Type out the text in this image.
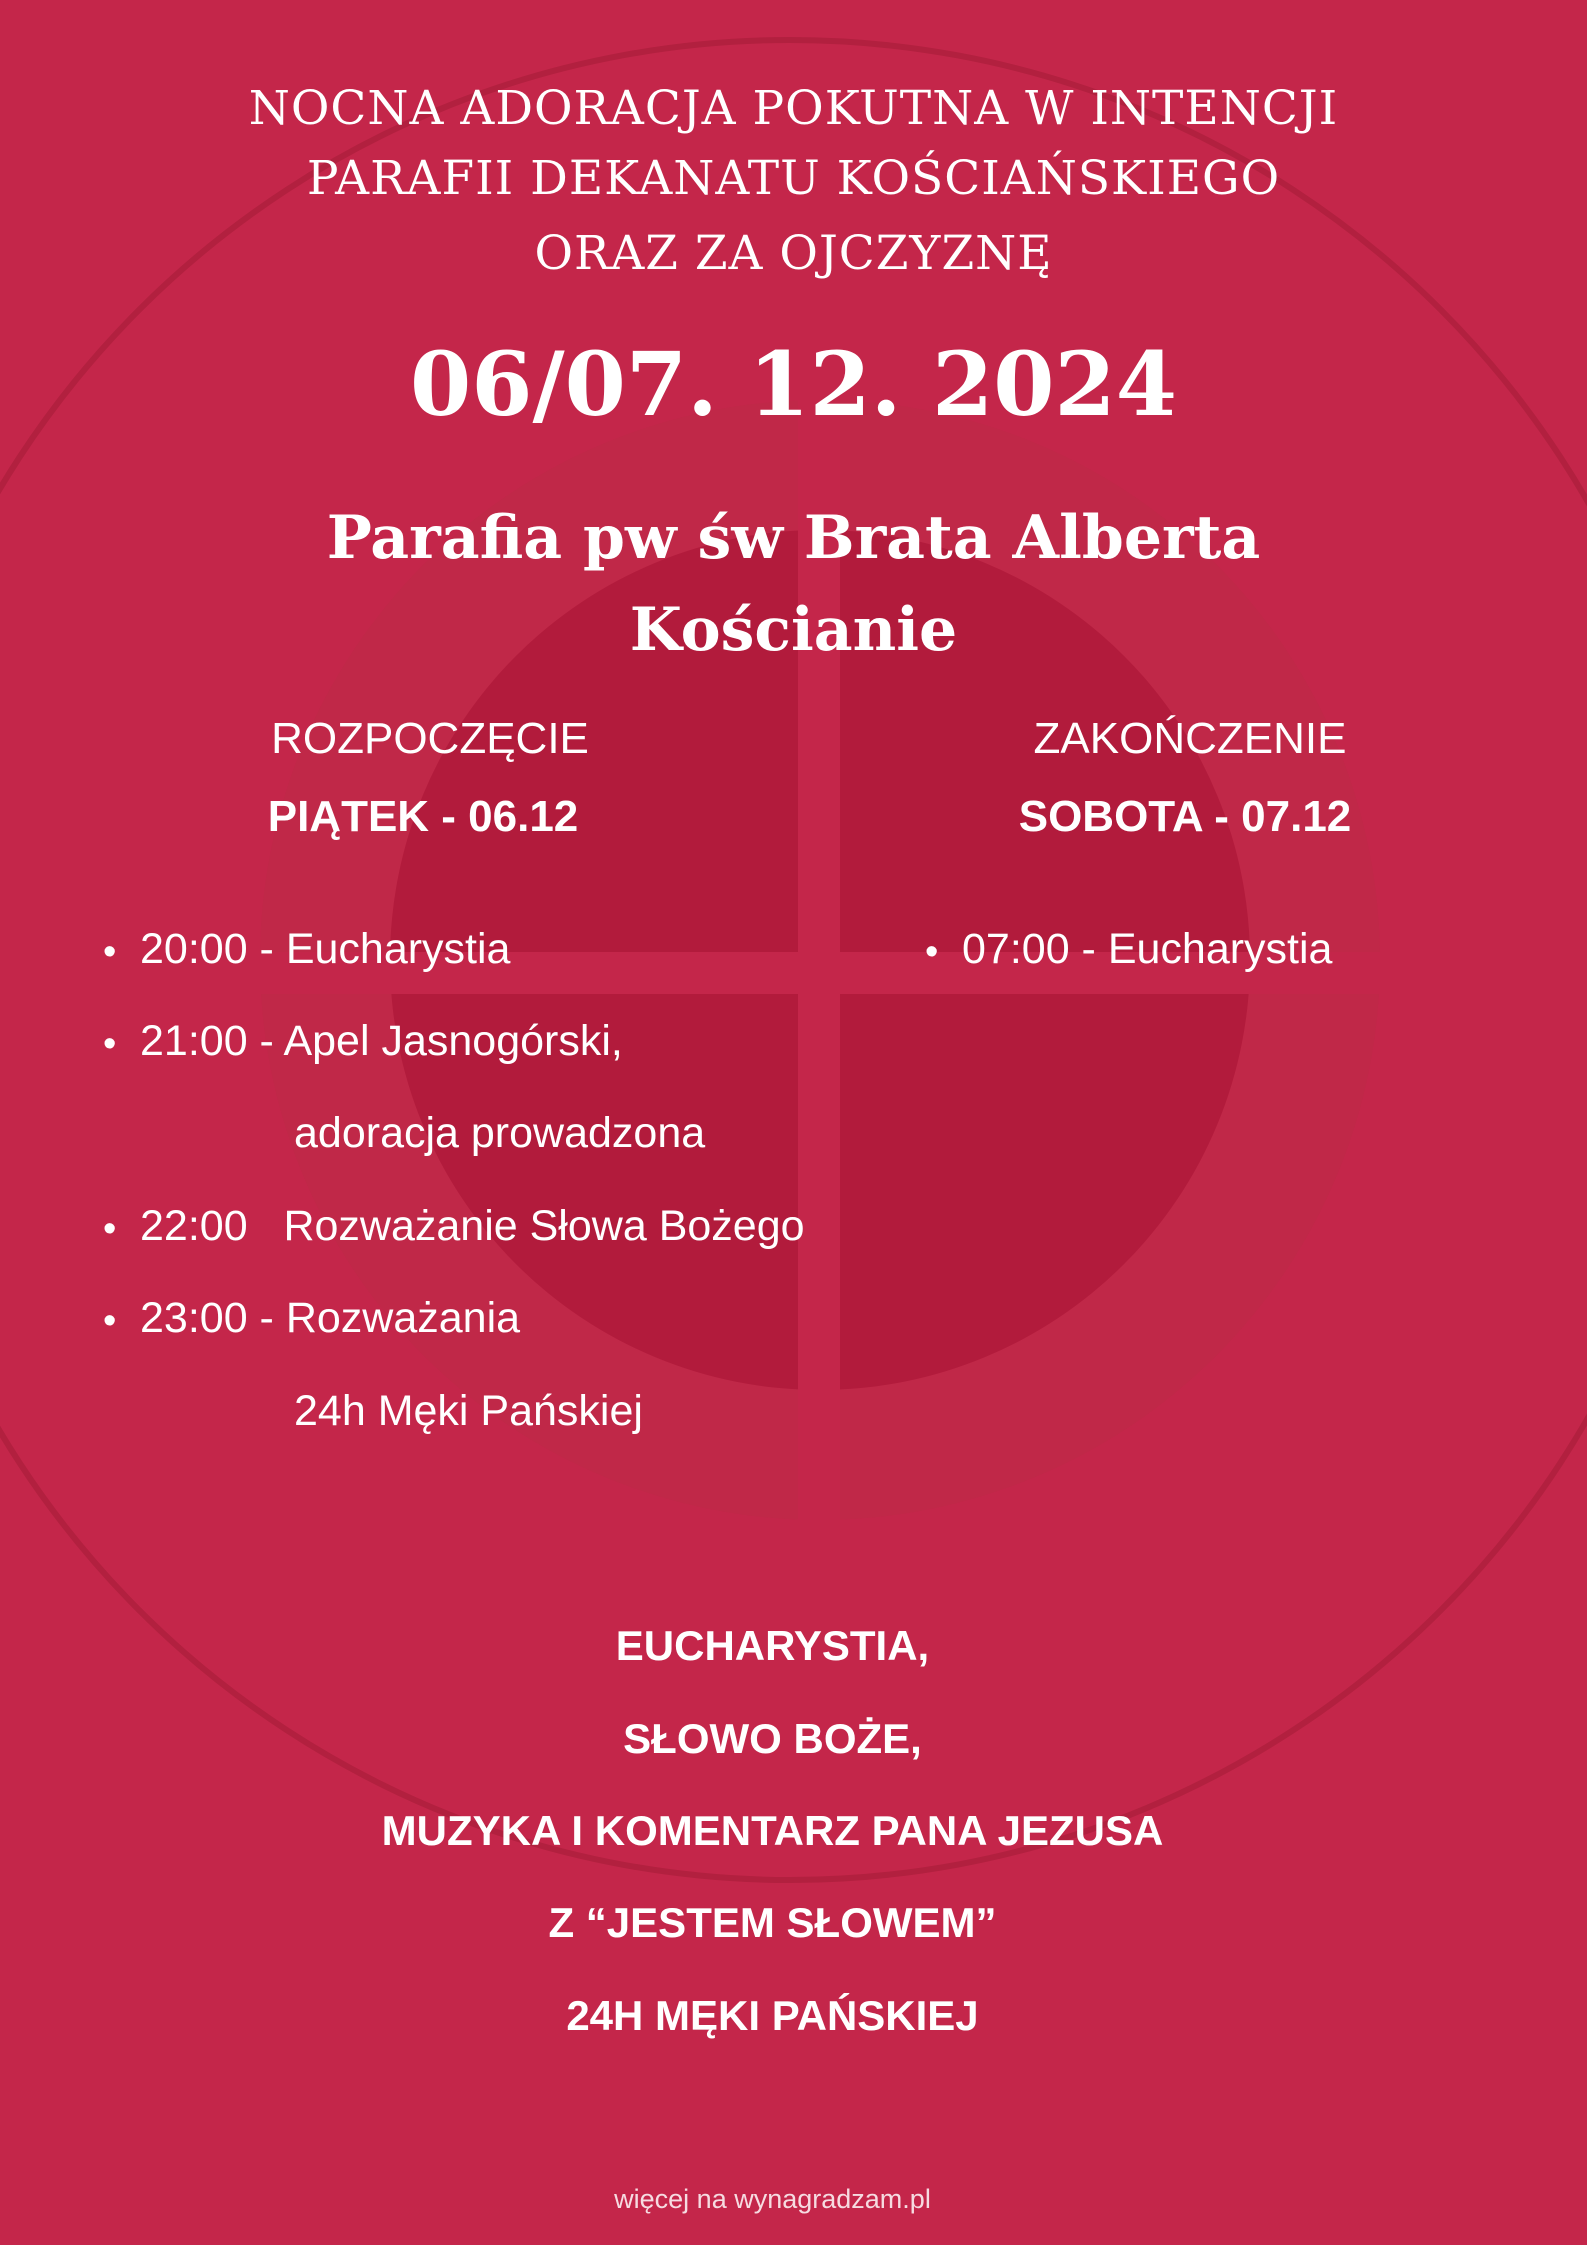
NOCNA ADORACJA POKUTNA W INTENCJI
PARAFII DEKANATU KOŚCIAŃSKIEGO
ORAZ ZA OJCZYZNĘ
06/07. 12. 2024
Parafia pw św Brata Alberta
Kościanie
ROZPOCZĘCIE
PIĄTEK - 06.12
• 20:00 - Eucharystia
• 21:00 - Apel Jasnogórski,
adoracja prowadzona
• 22:00   Rozważanie Słowa Bożego
• 23:00 - Rozważania
24h Męki Pańskiej
ZAKOŃCZENIE
SOBOTA - 07.12
• 07:00 - Eucharystia
EUCHARYSTIA,
SŁOWO BOŻE,
MUZYKA I KOMENTARZ PANA JEZUSA
Z “JESTEM SŁOWEM”
24H MĘKI PAŃSKIEJ
więcej na wynagradzam.pl
